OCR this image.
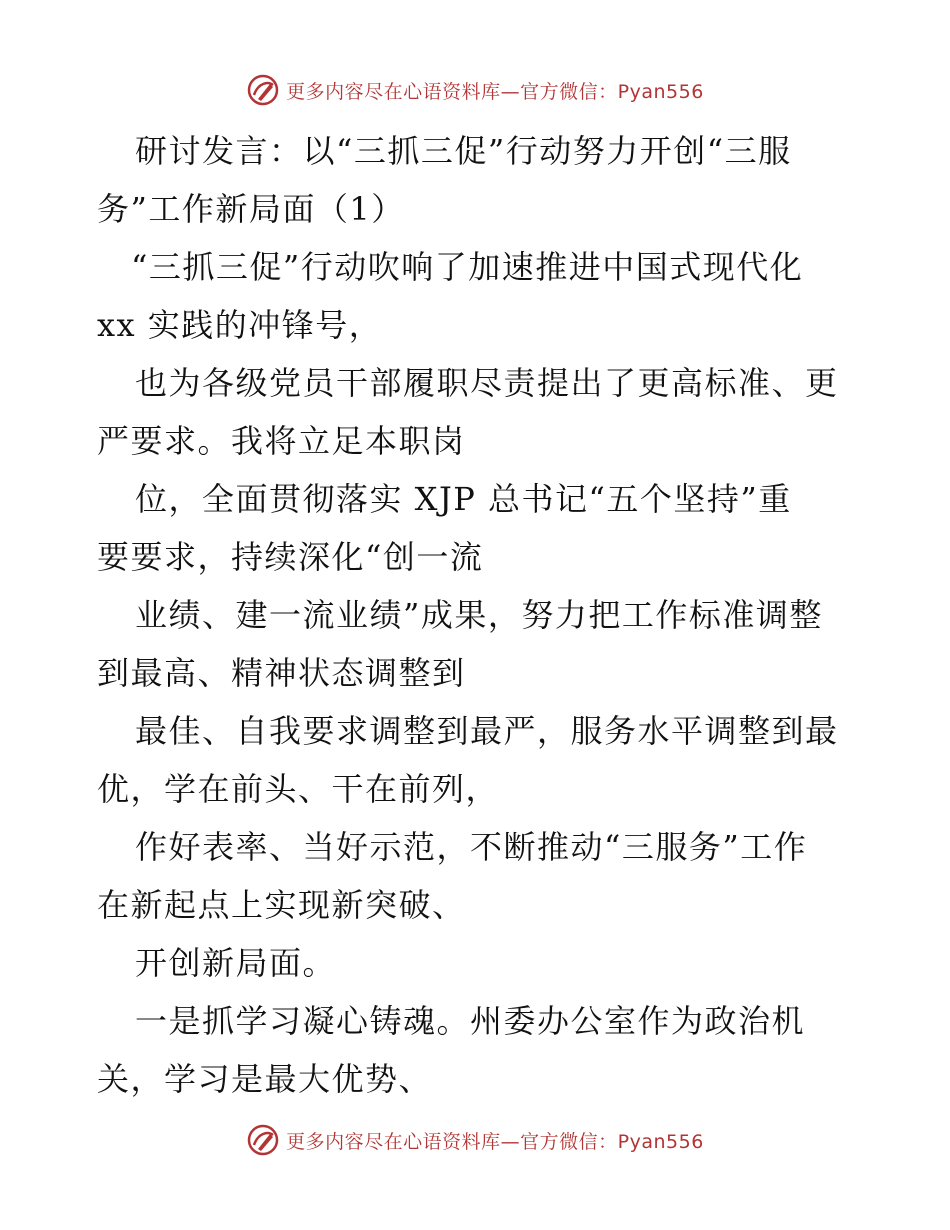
更多内容尽在心语资料库—官方微信：Pyan556
研讨发言：以“三抓三促”行动努力开创“三服
务”工作新局面（1）
“三抓三促”行动吹响了加速推进中国式现代化
xx 实践的冲锋号，
也为各级党员干部履职尽责提出了更高标准、更
严要求。我将立足本职岗
位，全面贯彻落实 XJP 总书记“五个坚持”重
要要求，持续深化“创一流
业绩、建一流业绩”成果，努力把工作标准调整
到最高、精神状态调整到
最佳、自我要求调整到最严，服务水平调整到最
优，学在前头、干在前列，
作好表率、当好示范，不断推动“三服务”工作
在新起点上实现新突破、
开创新局面。
一是抓学习凝心铸魂。州委办公室作为政治机
关，学习是最大优势、
更多内容尽在心语资料库—官方微信：Pyan556
